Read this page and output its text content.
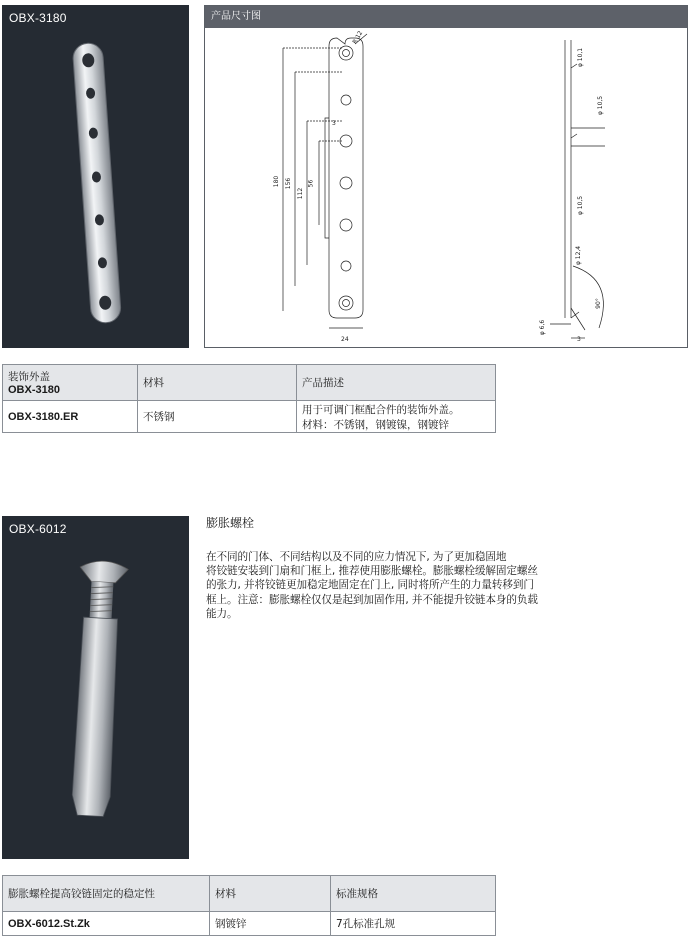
OBX-3180	产品尺寸图
R 12
180 156
112
56
3
24
φ 10,1
φ 10,5
φ 10,5
φ 12,4
90°
φ 6,6
3
装饰外盖
OBX-3180	材料	产品描述
OBX-3180.ER	不锈钢	用于可调门框配合件的装饰外盖。
材料：不锈钢，钢镀镍，钢镀锌
OBX-6012	膨胀螺栓
在不同的门体、不同结构以及不同的应力情况下, 为了更加稳固地
将铰链安装到门扇和门框上, 推荐使用膨胀螺栓。膨胀螺栓缓解固定螺丝
的张力, 并将铰链更加稳定地固定在门上, 同时将所产生的力量转移到门
框上。注意：膨胀螺栓仅仅是起到加固作用, 并不能提升铰链本身的负载
能力。
膨胀螺栓提高铰链固定的稳定性	材料	标准规格
OBX-6012.St.Zk	钢镀锌	7孔标准孔规
